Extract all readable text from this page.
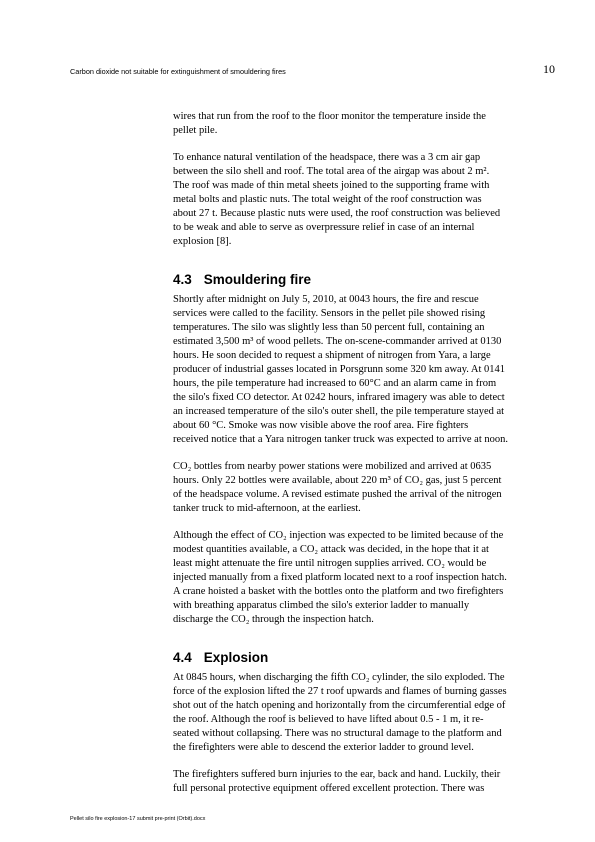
Carbon dioxide not suitable for extinguishment of smouldering fires	10

wires that run from the roof to the floor monitor the temperature inside the
pellet pile.

To enhance natural ventilation of the headspace, there was a 3 cm air gap
between the silo shell and roof. The total area of the airgap was about 2 m².
The roof was made of thin metal sheets joined to the supporting frame with
metal bolts and plastic nuts. The total weight of the roof construction was
about 27 t. Because plastic nuts were used, the roof construction was believed
to be weak and able to serve as overpressure relief in case of an internal
explosion [8].

4.3 Smouldering fire

Shortly after midnight on July 5, 2010, at 0043 hours, the fire and rescue
services were called to the facility. Sensors in the pellet pile showed rising
temperatures. The silo was slightly less than 50 percent full, containing an
estimated 3,500 m³ of wood pellets. The on-scene-commander arrived at 0130
hours. He soon decided to request a shipment of nitrogen from Yara, a large
producer of industrial gasses located in Porsgrunn some 320 km away. At 0141
hours, the pile temperature had increased to 60°C and an alarm came in from
the silo's fixed CO detector. At 0242 hours, infrared imagery was able to detect
an increased temperature of the silo's outer shell, the pile temperature stayed at
about 60 °C. Smoke was now visible above the roof area. Fire fighters
received notice that a Yara nitrogen tanker truck was expected to arrive at noon.

CO₂ bottles from nearby power stations were mobilized and arrived at 0635
hours. Only 22 bottles were available, about 220 m³ of CO₂ gas, just 5 percent
of the headspace volume. A revised estimate pushed the arrival of the nitrogen
tanker truck to mid-afternoon, at the earliest.

Although the effect of CO₂ injection was expected to be limited because of the
modest quantities available, a CO₂ attack was decided, in the hope that it at
least might attenuate the fire until nitrogen supplies arrived. CO₂ would be
injected manually from a fixed platform located next to a roof inspection hatch.
A crane hoisted a basket with the bottles onto the platform and two firefighters
with breathing apparatus climbed the silo's exterior ladder to manually
discharge the CO₂ through the inspection hatch.

4.4 Explosion

At 0845 hours, when discharging the fifth CO₂ cylinder, the silo exploded. The
force of the explosion lifted the 27 t roof upwards and flames of burning gasses
shot out of the hatch opening and horizontally from the circumferential edge of
the roof. Although the roof is believed to have lifted about 0.5 - 1 m, it re-
seated without collapsing. There was no structural damage to the platform and
the firefighters were able to descend the exterior ladder to ground level.

The firefighters suffered burn injuries to the ear, back and hand. Luckily, their
full personal protective equipment offered excellent protection. There was

Pellet silo fire explosion-17 submit pre-print (Orbit).docx
